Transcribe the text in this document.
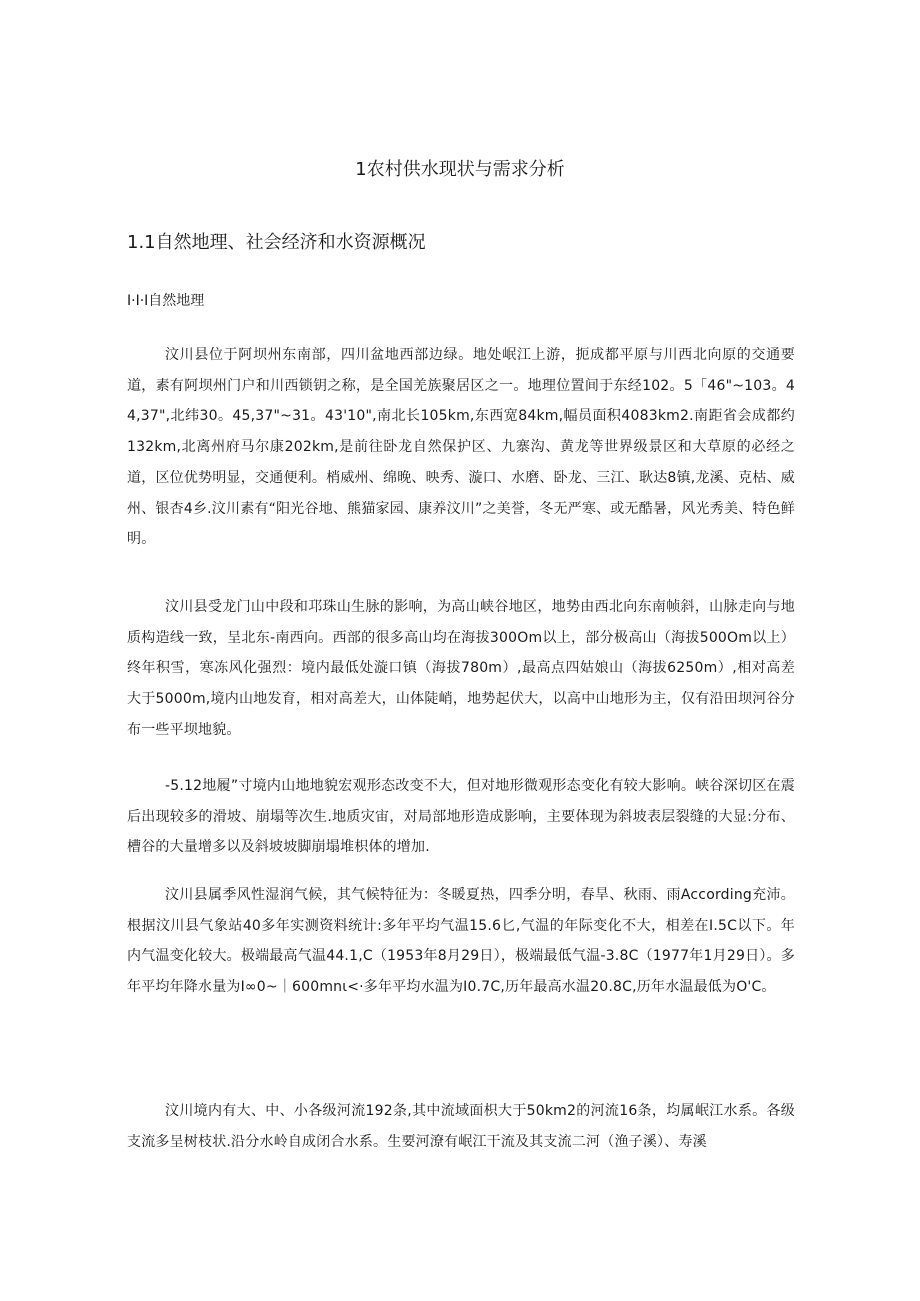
1农村供水现状与需求分析
1.1自然地理、社会经济和水资源概况
I·I·I自然地理

汶川县位于阿坝州东南部，四川盆地西部边绿。地处岷江上游，扼成都平原与川西北向原的交通要道，素有阿坝州门户和川西锁钥之称，是全国羌族聚居区之一。地理位置间于东经102。5「46"~103。44,37",北纬30。45,37"~31。43'10",南北长105km,东西宽84km,幅员面积4083km2.南距省会成都约132km,北离州府马尔康202km,是前往卧龙自然保护区、九寨沟、黄龙等世界级景区和大草原的必经之道，区位优势明显，交通便利。梢威州、绵晚、映秀、漩口、水磨、卧龙、三江、耿达8镇,龙溪、克枯、威州、银杏4乡.汶川素有“阳光谷地、熊猫家园、康养汶川”之美誉，冬无严寒、或无酷暑，风光秀美、特色鲜明。

汶川县受龙门山中段和邛珠山生脉的影响，为高山峡谷地区，地势由西北向东南帧斜，山脉走向与地质构造线一致，呈北东-南西向。西部的很多高山均在海拔300Om以上，部分极高山（海拔500Om以上）终年积雪，寒冻风化强烈：境内最低处漩口镇（海拔780m）,最高点四姑娘山（海拔6250m）,相对高差大于5000m,境内山地发育，相对高差大，山体陡峭，地势起伏大，以高中山地形为主，仅有沿田坝河谷分布一些平坝地貌。

-5.12地履”寸境内山地地貌宏观形态改变不大，但对地形微观形态变化有较大影响。峡谷深切区在震后出现较多的滑坡、崩塌等次生.地质灾宙，对局部地形造成影响，主要体现为斜坡表层裂缝的大显:分布、槽谷的大量增多以及斜坡坡脚崩塌堆枳体的增加.

汶川县属季风性湿润气候，其气候特征为：冬暖夏热，四季分明，春旱、秋雨、雨According充沛。根据汶川县气象站40多年实测资料统计:多年平均气温15.6匕,气温的年际变化不大，相差在I.5C以下。年内气温变化较大。极端最高气温44.1,C（1953年8月29日），极端最低气温-3.8C（1977年1月29日）。多年平均年降水量为I∞0~｜600mnι<·多年平均水温为I0.7C,历年最高水温20.8C,历年水温最低为O'C。

汶川境内有大、中、小各级河流192条,其中流域面枳大于50km2的河流16条，均属岷江水系。各级支流多呈树枝状.沿分水岭自成闭合水系。生要河潦有岷江干流及其支流二河（渔子溪）、寿溪
